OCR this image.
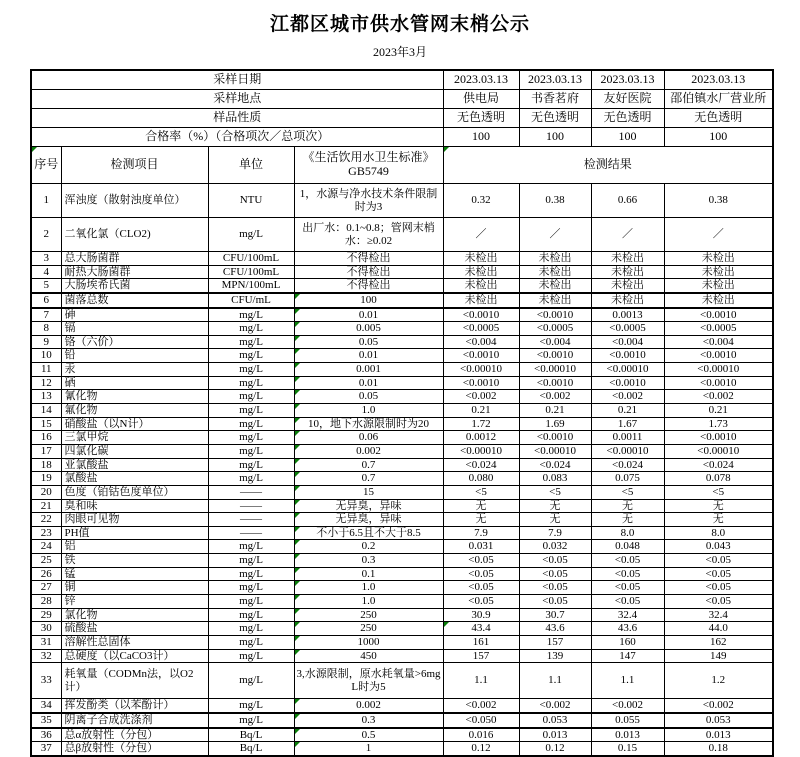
江都区城市供水管网末梢公示
2023年3月
采样日期				2023.03.13	2023.03.13	2023.03.13	2023.03.13
采样地点				供电局	书香茗府	友好医院	邵伯镇水厂营业所
样品性质				无色透明	无色透明	无色透明	无色透明
合格率（%）（合格项次／总项次）				100	100	100	100

序号	检测项目	单位	《生活饮用水卫生标准》
GB5749	检测结果			
1	浑浊度（散射浊度单位）	NTU	1，水源与净水技术条件限制时为3	0.32	0.38	0.66	0.38
2	二氧化氯（CLO2)	mg/L	出厂水：0.1~0.8；管网末梢水：≥0.02	／	／	／	／
3	总大肠菌群	CFU/100mL	不得检出	未检出	未检出	未检出	未检出
4	耐热大肠菌群	CFU/100mL	不得检出	未检出	未检出	未检出	未检出
5	大肠埃希氏菌	MPN/100mL	不得检出	未检出	未检出	未检出	未检出
6	菌落总数	CFU/mL	100	未检出	未检出	未检出	未检出
7	砷	mg/L	0.01	<0.0010	<0.0010	0.0013	<0.0010
8	镉	mg/L	0.005	<0.0005	<0.0005	<0.0005	<0.0005
9	铬（六价）	mg/L	0.05	<0.004	<0.004	<0.004	<0.004
10	铅	mg/L	0.01	<0.0010	<0.0010	<0.0010	<0.0010
11	汞	mg/L	0.001	<0.00010	<0.00010	<0.00010	<0.00010
12	硒	mg/L	0.01	<0.0010	<0.0010	<0.0010	<0.0010
13	氰化物	mg/L	0.05	<0.002	<0.002	<0.002	<0.002
14	氟化物	mg/L	1.0	0.21	0.21	0.21	0.21
15	硝酸盐（以N计）	mg/L	10，地下水源限制时为20	1.72	1.69	1.67	1.73
16	三氯甲烷	mg/L	0.06	0.0012	<0.0010	0.0011	<0.0010
17	四氯化碳	mg/L	0.002	<0.00010	<0.00010	<0.00010	<0.00010
18	亚氯酸盐	mg/L	0.7	<0.024	<0.024	<0.024	<0.024
19	氯酸盐	mg/L	0.7	0.080	0.083	0.075	0.078
20	色度（铂钴色度单位）	——	15	<5	<5	<5	<5
21	臭和味	——	无异臭，异味	无	无	无	无
22	肉眼可见物	——	无异臭，异味	无	无	无	无
23	PH值	——	不小于6.5且不大于8.5	7.9	7.9	8.0	8.0
24	铝	mg/L	0.2	0.031	0.032	0.048	0.043
25	铁	mg/L	0.3	<0.05	<0.05	<0.05	<0.05
26	锰	mg/L	0.1	<0.05	<0.05	<0.05	<0.05
27	铜	mg/L	1.0	<0.05	<0.05	<0.05	<0.05
28	锌	mg/L	1.0	<0.05	<0.05	<0.05	<0.05
29	氯化物	mg/L	250	30.9	30.7	32.4	32.4
30	硫酸盐	mg/L	250	43.4	43.6	43.6	44.0
31	溶解性总固体	mg/L	1000	161	157	160	162
32	总硬度（以CaCO3计）	mg/L	450	157	139	147	149
33	耗氧量（CODMn法，以O2计）	mg/L	3,水源限制，原水耗氧量>6mgL时为5	1.1	1.1	1.1	1.2
34	挥发酚类（以苯酚计）	mg/L	0.002	<0.002	<0.002	<0.002	<0.002
35	阴离子合成洗涤剂	mg/L	0.3	<0.050	0.053	0.055	0.053
36	总α放射性（分包）	Bq/L	0.5	0.016	0.013	0.013	0.013
37	总β放射性（分包）	Bq/L	1	0.12	0.12	0.15	0.18
